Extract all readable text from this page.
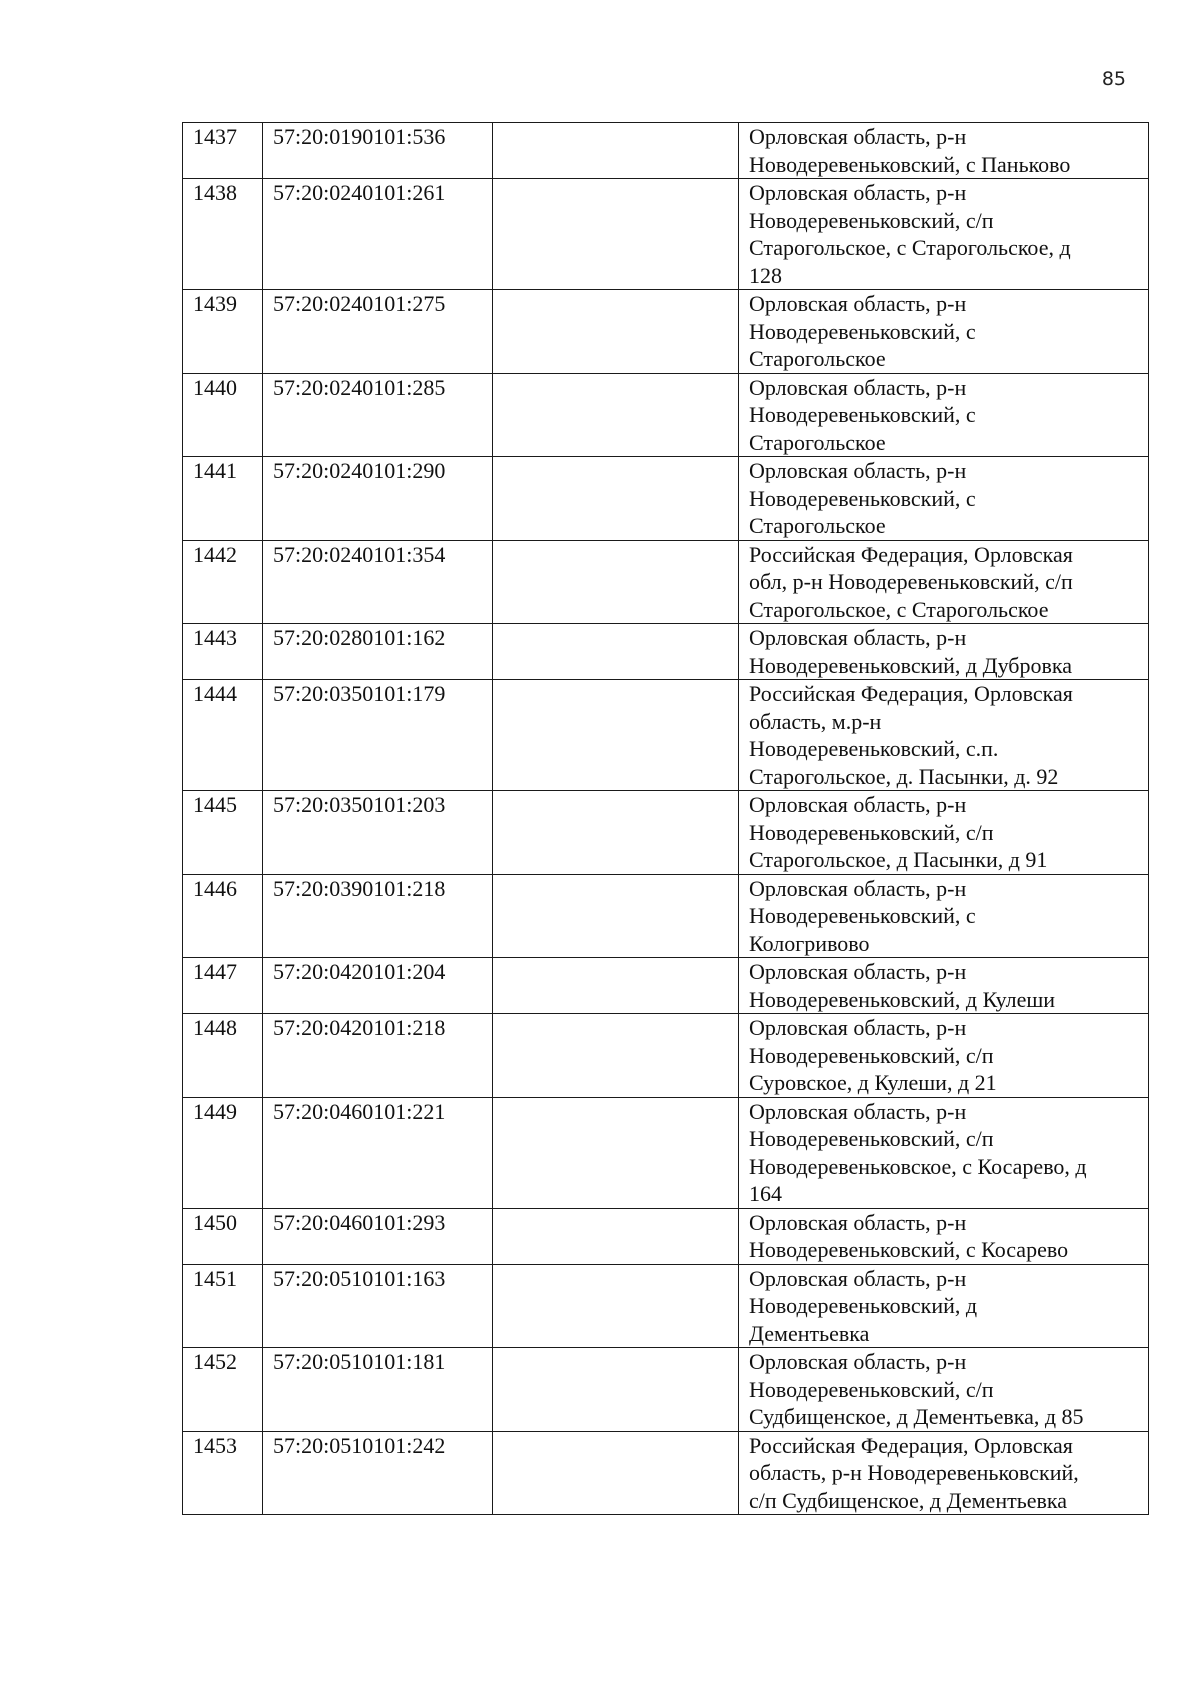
85
1437	57:20:0190101:536		Орловская область, р-н
Новодеревеньковский, с Паньково
1438	57:20:0240101:261		Орловская область, р-н
Новодеревеньковский, с/п
Старогольское, с Старогольское, д
128
1439	57:20:0240101:275		Орловская область, р-н
Новодеревеньковский, с
Старогольское
1440	57:20:0240101:285		Орловская область, р-н
Новодеревеньковский, с
Старогольское
1441	57:20:0240101:290		Орловская область, р-н
Новодеревеньковский, с
Старогольское
1442	57:20:0240101:354		Российская Федерация, Орловская
обл, р-н Новодеревеньковский, с/п
Старогольское, с Старогольское
1443	57:20:0280101:162		Орловская область, р-н
Новодеревеньковский, д Дубровка
1444	57:20:0350101:179		Российская Федерация, Орловская
область, м.р-н
Новодеревеньковский, с.п.
Старогольское, д. Пасынки, д. 92
1445	57:20:0350101:203		Орловская область, р-н
Новодеревеньковский, с/п
Старогольское, д Пасынки, д 91
1446	57:20:0390101:218		Орловская область, р-н
Новодеревеньковский, с
Кологривово
1447	57:20:0420101:204		Орловская область, р-н
Новодеревеньковский, д Кулеши
1448	57:20:0420101:218		Орловская область, р-н
Новодеревеньковский, с/п
Суровское, д Кулеши, д 21
1449	57:20:0460101:221		Орловская область, р-н
Новодеревеньковский, с/п
Новодеревеньковское, с Косарево, д
164
1450	57:20:0460101:293		Орловская область, р-н
Новодеревеньковский, с Косарево
1451	57:20:0510101:163		Орловская область, р-н
Новодеревеньковский, д
Дементьевка
1452	57:20:0510101:181		Орловская область, р-н
Новодеревеньковский, с/п
Судбищенское, д Дементьевка, д 85
1453	57:20:0510101:242		Российская Федерация, Орловская
область, р-н Новодеревеньковский,
с/п Судбищенское, д Дементьевка
